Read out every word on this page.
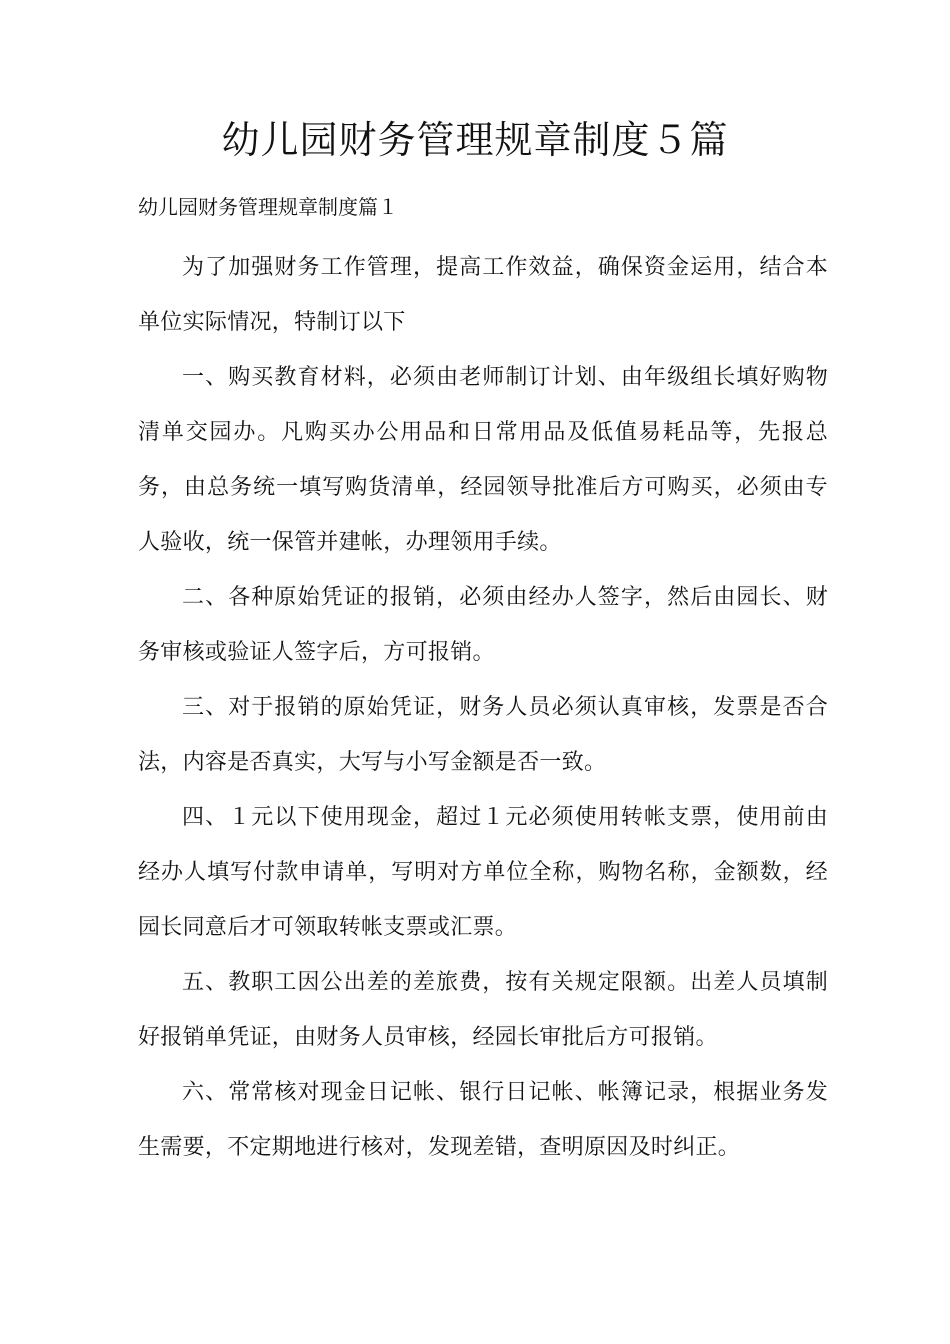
幼儿园财务管理规章制度５篇

幼儿园财务管理规章制度篇１

为了加强财务工作管理，提高工作效益，确保资金运用，结合本单位实际情况，特制订以下

一、购买教育材料，必须由老师制订计划、由年级组长填好购物清单交园办。凡购买办公用品和日常用品及低值易耗品等，先报总务，由总务统一填写购货清单，经园领导批准后方可购买，必须由专人验收，统一保管并建帐，办理领用手续。

二、各种原始凭证的报销，必须由经办人签字，然后由园长、财务审核或验证人签字后，方可报销。

三、对于报销的原始凭证，财务人员必须认真审核，发票是否合法，内容是否真实，大写与小写金额是否一致。

四、１元以下使用现金，超过１元必须使用转帐支票，使用前由经办人填写付款申请单，写明对方单位全称，购物名称，金额数，经园长同意后才可领取转帐支票或汇票。

五、教职工因公出差的差旅费，按有关规定限额。出差人员填制好报销单凭证，由财务人员审核，经园长审批后方可报销。

六、常常核对现金日记帐、银行日记帐、帐簿记录，根据业务发生需要，不定期地进行核对，发现差错，查明原因及时纠正。
